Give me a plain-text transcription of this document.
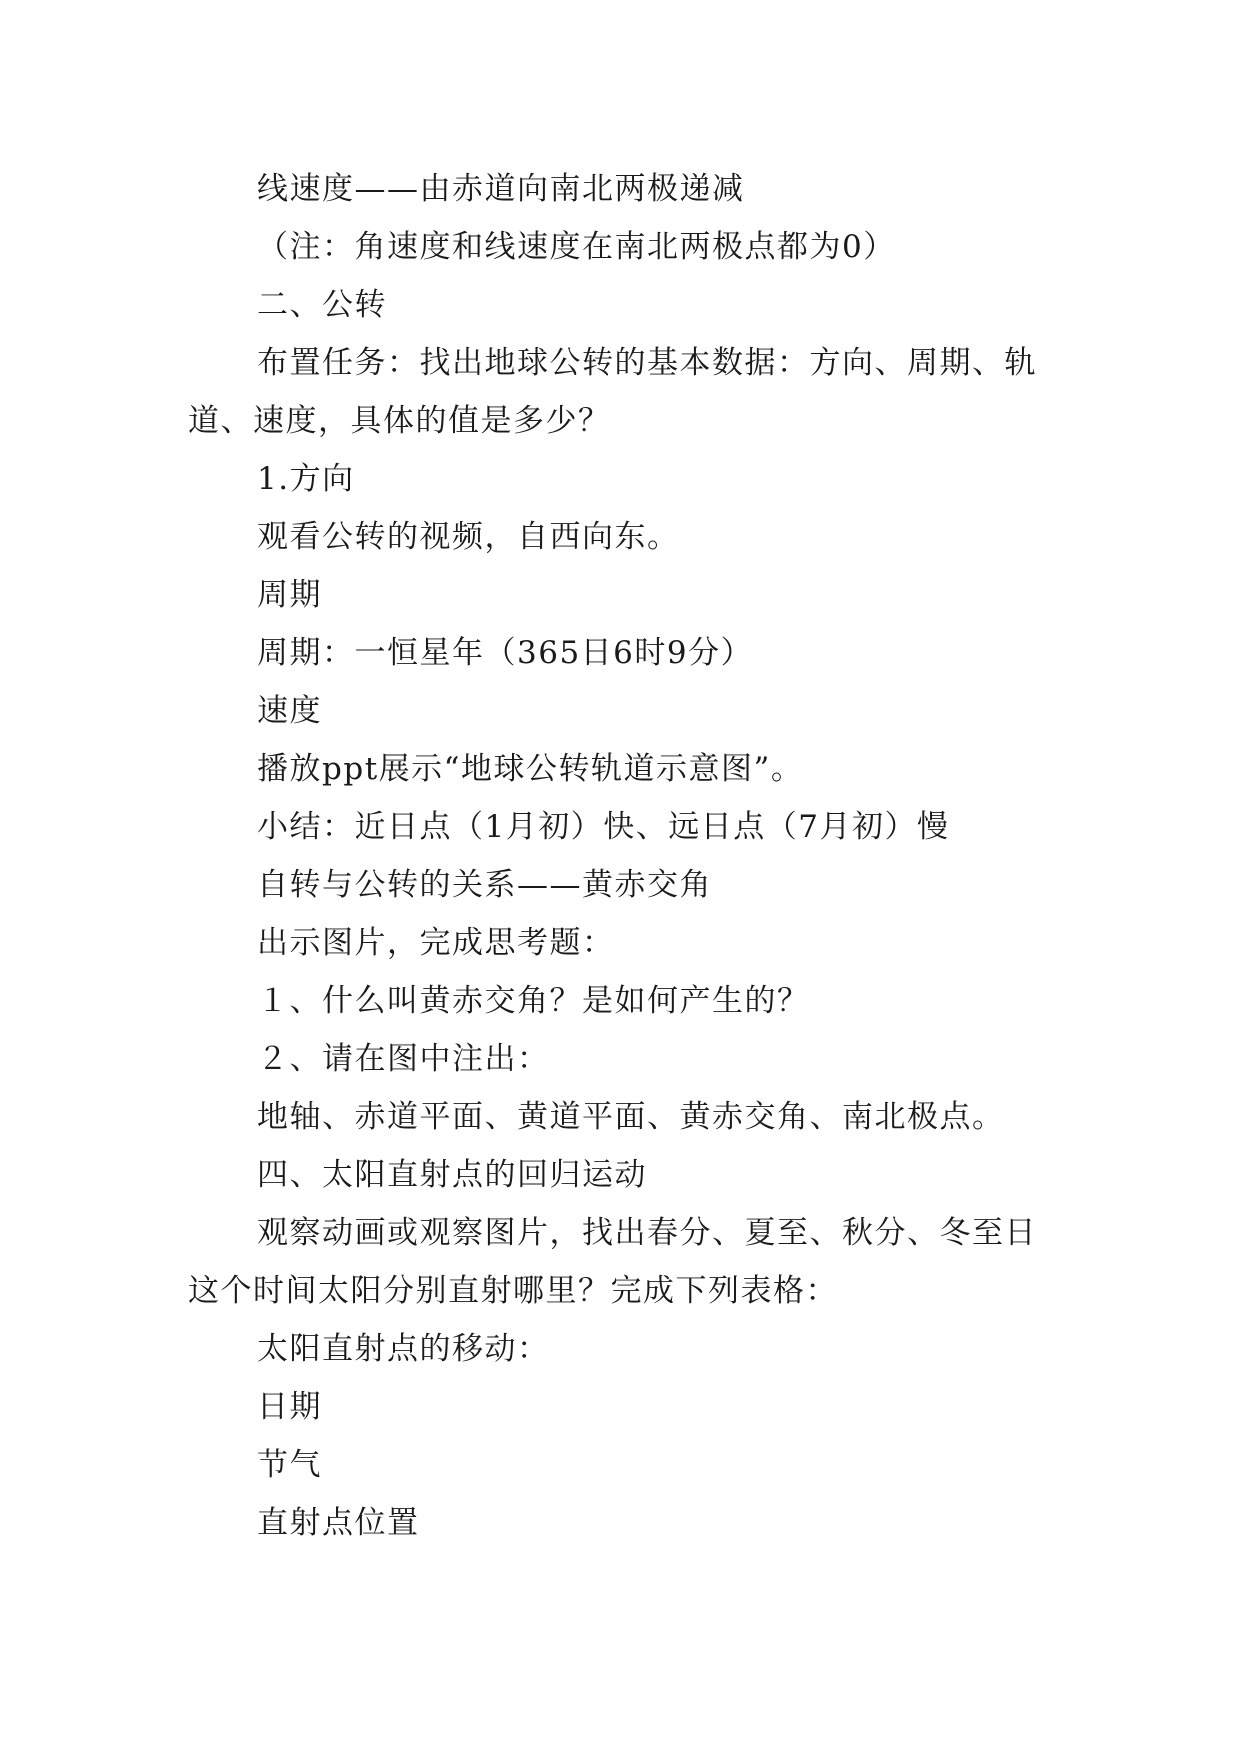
线速度——由赤道向南北两极递减
（注：角速度和线速度在南北两极点都为0）
二、公转
布置任务：找出地球公转的基本数据：方向、周期、轨道、速度，具体的值是多少？
1.方向
观看公转的视频，自西向东。
周期
周期：一恒星年（365日6时9分）
速度
播放ppt展示“地球公转轨道示意图”。
小结：近日点（1月初）快、远日点（7月初）慢
自转与公转的关系——黄赤交角
出示图片，完成思考题：
１、什么叫黄赤交角？是如何产生的？
２、请在图中注出：
地轴、赤道平面、黄道平面、黄赤交角、南北极点。
四、太阳直射点的回归运动
观察动画或观察图片，找出春分、夏至、秋分、冬至日这个时间太阳分别直射哪里？完成下列表格：
太阳直射点的移动：
日期
节气
直射点位置
